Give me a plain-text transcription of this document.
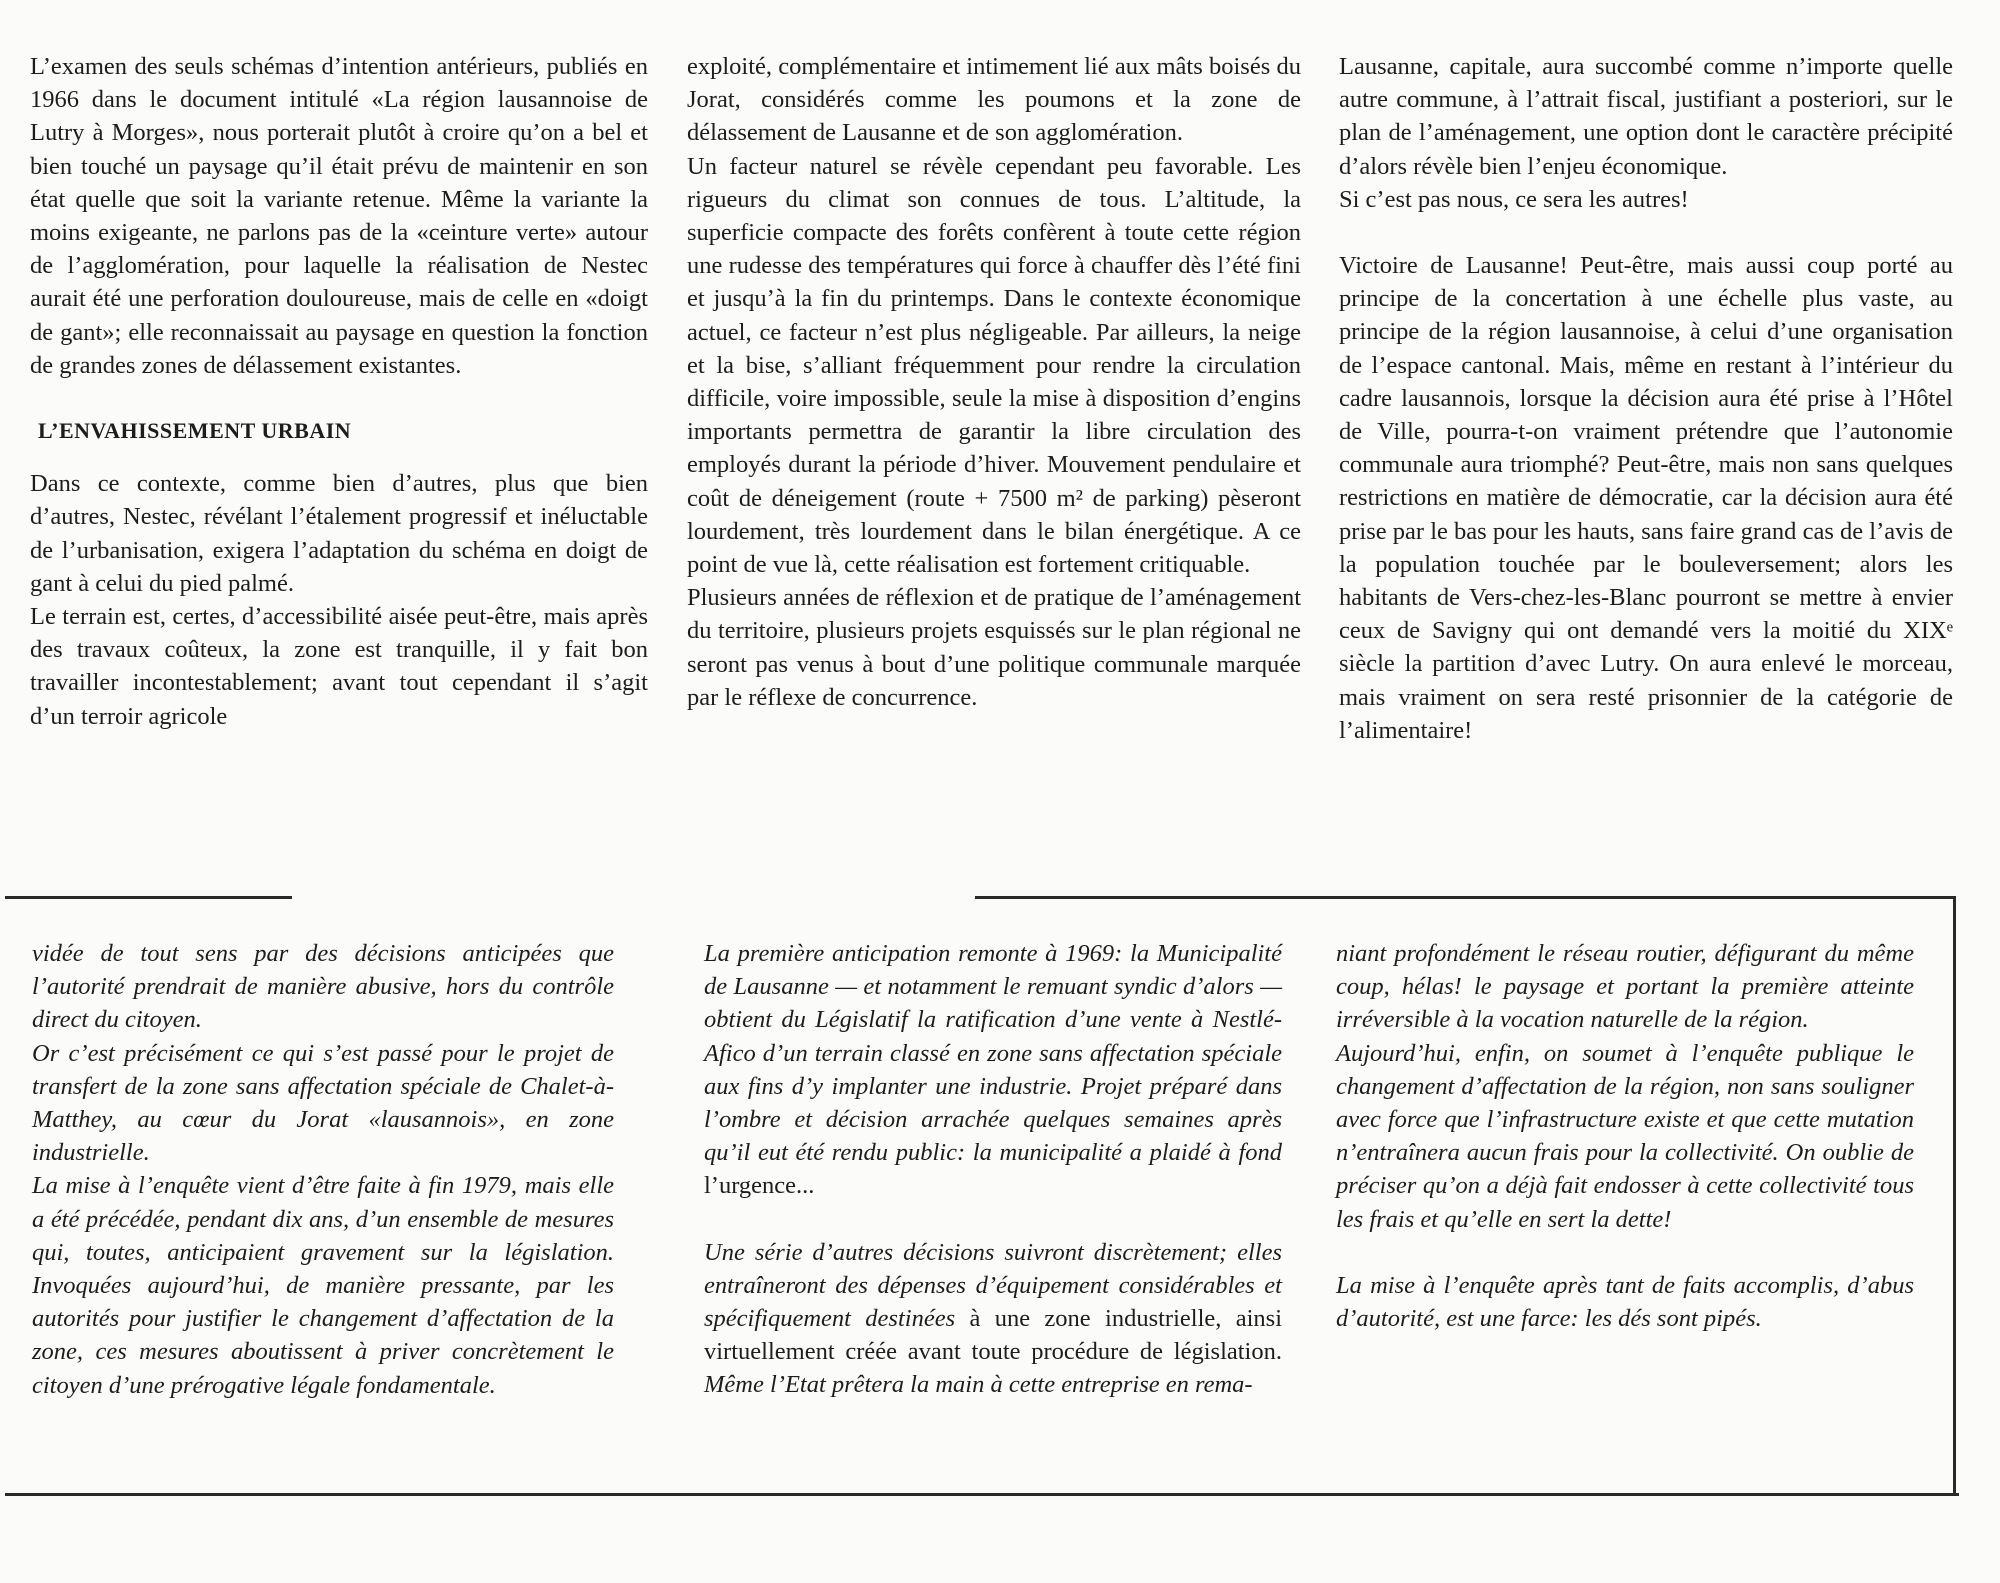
L’examen des seuls schémas d’intention antérieurs, publiés en 1966 dans le document intitulé «La région lausannoise de Lutry à Morges», nous porterait plutôt à croire qu’on a bel et bien touché un paysage qu’il était prévu de maintenir en son état quelle que soit la variante retenue. Même la variante la moins exigeante, ne parlons pas de la «ceinture verte» autour de l’agglomération, pour laquelle la réalisation de Nestec aurait été une perforation douloureuse, mais de celle en «doigt de gant»; elle reconnaissait au paysage en question la fonction de grandes zones de délassement existantes.

L’ENVAHISSEMENT URBAIN

Dans ce contexte, comme bien d’autres, plus que bien d’autres, Nestec, révélant l’étalement progressif et inéluctable de l’urbanisation, exigera l’adaptation du schéma en doigt de gant à celui du pied palmé.

Le terrain est, certes, d’accessibilité aisée peut-être, mais après des travaux coûteux, la zone est tranquille, il y fait bon travailler incontestablement; avant tout cependant il s’agit d’un terroir agricole

exploité, complémentaire et intimement lié aux mâts boisés du Jorat, considérés comme les poumons et la zone de délassement de Lausanne et de son agglomération.

Un facteur naturel se révèle cependant peu favorable. Les rigueurs du climat son connues de tous. L’altitude, la superficie compacte des forêts confèrent à toute cette région une rudesse des températures qui force à chauffer dès l’été fini et jusqu’à la fin du printemps. Dans le contexte économique actuel, ce facteur n’est plus négligeable. Par ailleurs, la neige et la bise, s’alliant fréquemment pour rendre la circulation difficile, voire impossible, seule la mise à disposition d’engins importants permettra de garantir la libre circulation des employés durant la période d’hiver. Mouvement pendulaire et coût de déneigement (route + 7500 m² de parking) pèseront lourdement, très lourdement dans le bilan énergétique. A ce point de vue là, cette réalisation est fortement critiquable.

Plusieurs années de réflexion et de pratique de l’aménagement du territoire, plusieurs projets esquissés sur le plan régional ne seront pas venus à bout d’une politique communale marquée par le réflexe de concurrence.

Lausanne, capitale, aura succombé comme n’importe quelle autre commune, à l’attrait fiscal, justifiant a posteriori, sur le plan de l’aménagement, une option dont le caractère précipité d’alors révèle bien l’enjeu économique.

Si c’est pas nous, ce sera les autres!

Victoire de Lausanne! Peut-être, mais aussi coup porté au principe de la concertation à une échelle plus vaste, au principe de la région lausannoise, à celui d’une organisation de l’espace cantonal. Mais, même en restant à l’intérieur du cadre lausannois, lorsque la décision aura été prise à l’Hôtel de Ville, pourra-t-on vraiment prétendre que l’autonomie communale aura triomphé? Peut-être, mais non sans quelques restrictions en matière de démocratie, car la décision aura été prise par le bas pour les hauts, sans faire grand cas de l’avis de la population touchée par le bouleversement; alors les habitants de Vers-chez-les-Blanc pourront se mettre à envier ceux de Savigny qui ont demandé vers la moitié du XIXᵉ siècle la partition d’avec Lutry. On aura enlevé le morceau, mais vraiment on sera resté prisonnier de la catégorie de l’alimentaire!

vidée de tout sens par des décisions anticipées que l’autorité prendrait de manière abusive, hors du contrôle direct du citoyen.

Or c’est précisément ce qui s’est passé pour le projet de transfert de la zone sans affectation spéciale de Chalet-à-Matthey, au cœur du Jorat «lausannois», en zone industrielle.

La mise à l’enquête vient d’être faite à fin 1979, mais elle a été précédée, pendant dix ans, d’un ensemble de mesures qui, toutes, anticipaient gravement sur la législation. Invoquées aujourd’hui, de manière pressante, par les autorités pour justifier le changement d’affectation de la zone, ces mesures aboutissent à priver concrètement le citoyen d’une prérogative légale fondamentale.

La première anticipation remonte à 1969: la Municipalité de Lausanne — et notamment le remuant syndic d’alors — obtient du Législatif la ratification d’une vente à Nestlé-Afico d’un terrain classé en zone sans affectation spéciale aux fins d’y implanter une industrie. Projet préparé dans l’ombre et décision arrachée quelques semaines après qu’il eut été rendu public: la municipalité a plaidé à fond l’urgence...

Une série d’autres décisions suivront discrètement; elles entraîneront des dépenses d’équipement considérables et spécifiquement destinées à une zone industrielle, ainsi virtuellement créée avant toute procédure de législation. Même l’Etat prêtera la main à cette entreprise en rema-

niant profondément le réseau routier, défigurant du même coup, hélas! le paysage et portant la première atteinte irréversible à la vocation naturelle de la région.

Aujourd’hui, enfin, on soumet à l’enquête publique le changement d’affectation de la région, non sans souligner avec force que l’infrastructure existe et que cette mutation n’entraînera aucun frais pour la collectivité. On oublie de préciser qu’on a déjà fait endosser à cette collectivité tous les frais et qu’elle en sert la dette!

La mise à l’enquête après tant de faits accomplis, d’abus d’autorité, est une farce: les dés sont pipés.
